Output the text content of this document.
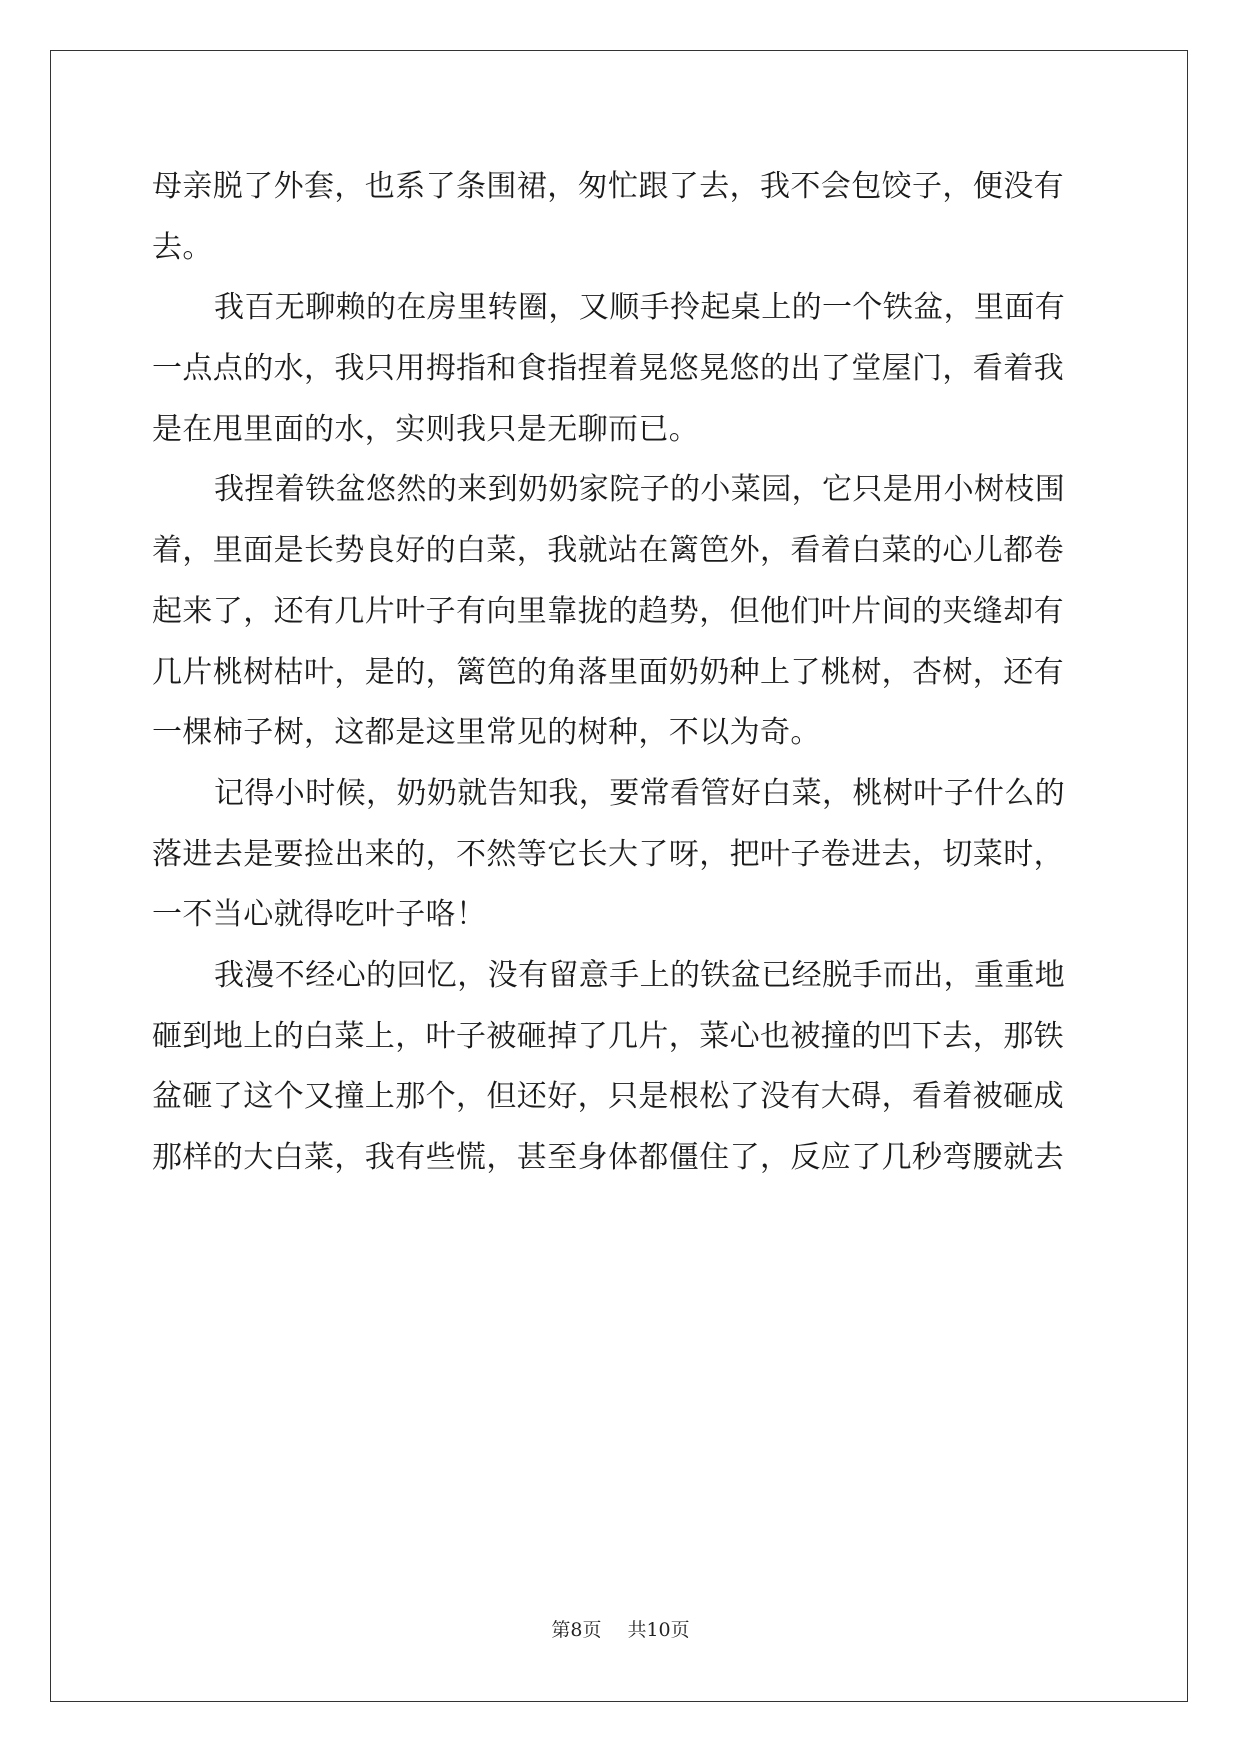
母亲脱了外套，也系了条围裙，匆忙跟了去，我不会包饺子，便没有
去。

我百无聊赖的在房里转圈，又顺手拎起桌上的一个铁盆，里面有
一点点的水，我只用拇指和食指捏着晃悠晃悠的出了堂屋门，看着我
是在甩里面的水，实则我只是无聊而已。

我捏着铁盆悠然的来到奶奶家院子的小菜园，它只是用小树枝围
着，里面是长势良好的白菜，我就站在篱笆外，看着白菜的心儿都卷
起来了，还有几片叶子有向里靠拢的趋势，但他们叶片间的夹缝却有
几片桃树枯叶，是的，篱笆的角落里面奶奶种上了桃树，杏树，还有
一棵柿子树，这都是这里常见的树种，不以为奇。

记得小时候，奶奶就告知我，要常看管好白菜，桃树叶子什么的
落进去是要捡出来的，不然等它长大了呀，把叶子卷进去，切菜时，
一不当心就得吃叶子咯！

我漫不经心的回忆，没有留意手上的铁盆已经脱手而出，重重地
砸到地上的白菜上，叶子被砸掉了几片，菜心也被撞的凹下去，那铁
盆砸了这个又撞上那个，但还好，只是根松了没有大碍，看着被砸成
那样的大白菜，我有些慌，甚至身体都僵住了，反应了几秒弯腰就去

第8页 共10页
